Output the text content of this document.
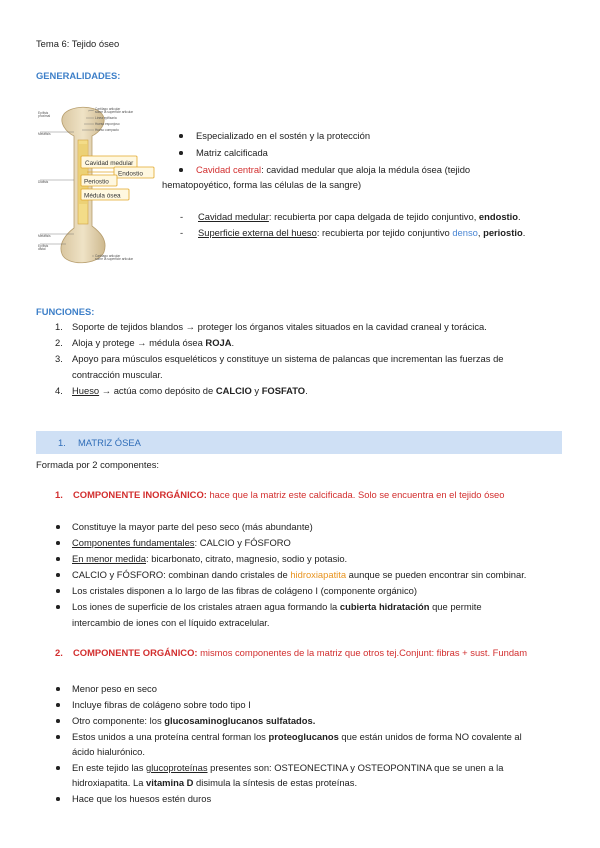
Tema 6: Tejido óseo
GENERALIDADES:
Epífisis
proximal
Metáfisis
Diáfisis
Metáfisis
Epífisis
distal
Cartílago articular
sobre la superficie articular
Línea epifisaria
Hueso esponjoso
Hueso compacto
Cartílago articular
sobre la superficie articular
Cavidad medular
Endostio
Periostio
Médula ósea
Especializado en el sostén y la protección
Matriz calcificada
Cavidad central: cavidad medular que aloja la médula ósea (tejido
hematopoyético, forma las células de la sangre)
- Cavidad medular: recubierta por capa delgada de tejido conjuntivo, endostio.
- Superficie externa del hueso: recubierta por tejido conjuntivo denso, periostio.
FUNCIONES:
1. Soporte de tejidos blandos → proteger los órganos vitales situados en la cavidad craneal y torácica.
2. Aloja y protege → médula ósea ROJA.
3. Apoyo para músculos esqueléticos y constituye un sistema de palancas que incrementan las fuerzas de
contracción muscular.
4. Hueso → actúa como depósito de CALCIO y FOSFATO.
1. MATRIZ ÓSEA
Formada por 2 componentes:
1. COMPONENTE INORGÁNICO: hace que la matriz este calcificada. Solo se encuentra en el tejido óseo
Constituye la mayor parte del peso seco (más abundante)
Componentes fundamentales: CALCIO y FÓSFORO
En menor medida: bicarbonato, citrato, magnesio, sodio y potasio.
CALCIO y FÓSFORO: combinan dando cristales de hidroxiapatita aunque se pueden encontrar sin combinar.
Los cristales disponen a lo largo de las fibras de colágeno I (componente orgánico)
Los iones de superficie de los cristales atraen agua formando la cubierta hidratación que permite
intercambio de iones con el líquido extracelular.
2. COMPONENTE ORGÁNICO: mismos componentes de la matriz que otros tej.Conjunt: fibras + sust. Fundam
Menor peso en seco
Incluye fibras de colágeno sobre todo tipo I
Otro componente: los glucosaminoglucanos sulfatados.
Estos unidos a una proteína central forman los proteoglucanos que están unidos de forma NO covalente al
ácido hialurónico.
En este tejido las glucoproteínas presentes son: OSTEONECTINA y OSTEOPONTINA que se unen a la
hidroxiapatita. La vitamina D disimula la síntesis de estas proteínas.
Hace que los huesos estén duros
